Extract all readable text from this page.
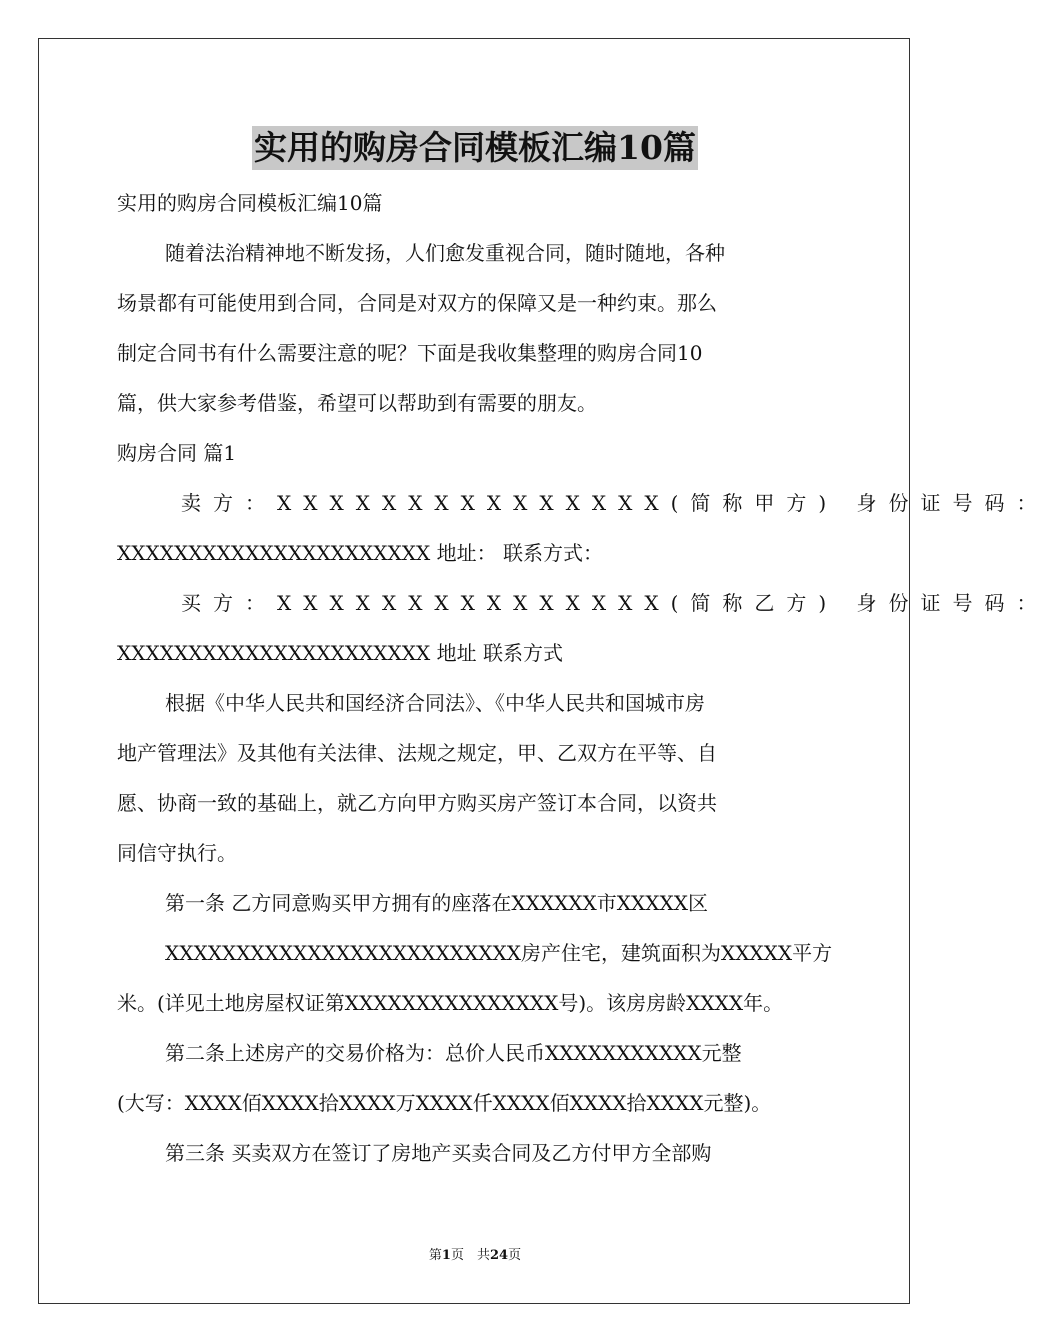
实用的购房合同模板汇编10篇
实用的购房合同模板汇编10篇
随着法治精神地不断发扬，人们愈发重视合同，随时随地，各种
场景都有可能使用到合同，合同是对双方的保障又是一种约束。那么
制定合同书有什么需要注意的呢？下面是我收集整理的购房合同10
篇，供大家参考借鉴，希望可以帮助到有需要的朋友。
购房合同 篇1
卖方：XXXXXXXXXXXXXXX(简称甲方) 身份证号码：
XXXXXXXXXXXXXXXXXXXXXX 地址： 联系方式：
买方：XXXXXXXXXXXXXXX(简称乙方) 身份证号码：
XXXXXXXXXXXXXXXXXXXXXX 地址 联系方式
根据《中华人民共和国经济合同法》、《中华人民共和国城市房
地产管理法》及其他有关法律、法规之规定，甲、乙双方在平等、自
愿、协商一致的基础上，就乙方向甲方购买房产签订本合同，以资共
同信守执行。
第一条 乙方同意购买甲方拥有的座落在XXXXXX市XXXXX区
XXXXXXXXXXXXXXXXXXXXXXXXX房产住宅，建筑面积为XXXXX平方
米。(详见土地房屋权证第XXXXXXXXXXXXXXX号)。该房房龄XXXX年。
第二条上述房产的交易价格为：总价人民币XXXXXXXXXXX元整
(大写：XXXX佰XXXX拾XXXX万XXXX仟XXXX佰XXXX拾XXXX元整)。
第三条 买卖双方在签订了房地产买卖合同及乙方付甲方全部购
第1页　共24页
